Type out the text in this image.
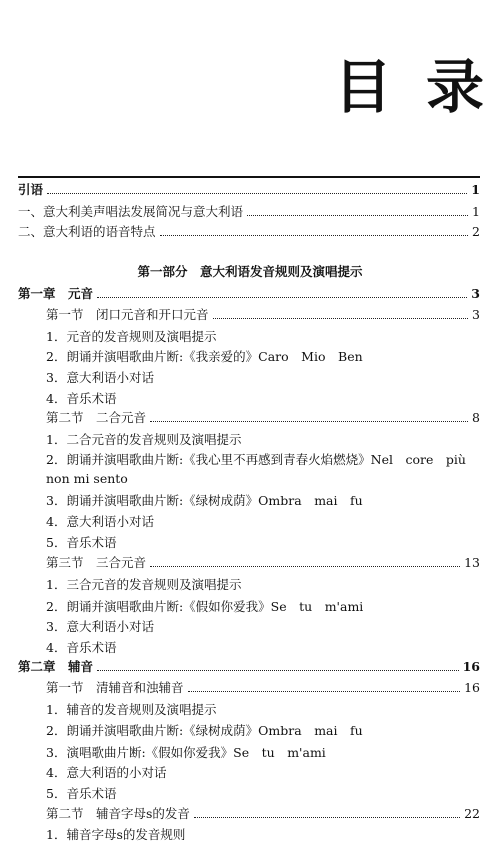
目 录
引语	1
一、意大利美声唱法发展简况与意大利语	1
二、意大利语的语音特点	2
第一部分　意大利语发音规则及演唱提示
第一章　元音	3
第一节　闭口元音和开口元音	3
1．元音的发音规则及演唱提示
2．朗诵并演唱歌曲片断:《我亲爱的》Caro　Mio　Ben
3．意大利语小对话
4．音乐术语
第二节　二合元音	8
1．二合元音的发音规则及演唱提示
2．朗诵并演唱歌曲片断:《我心里不再感到青春火焰燃烧》Nel　core　più
non mi sento
3．朗诵并演唱歌曲片断:《绿树成荫》Ombra　mai　fu
4．意大利语小对话
5．音乐术语
第三节　三合元音	13
1．三合元音的发音规则及演唱提示
2．朗诵并演唱歌曲片断:《假如你爱我》Se　tu　m'ami
3．意大利语小对话
4．音乐术语
第二章　辅音	16
第一节　清辅音和浊辅音	16
1．辅音的发音规则及演唱提示
2．朗诵并演唱歌曲片断:《绿树成荫》Ombra　mai　fu
3．演唱歌曲片断:《假如你爱我》Se　tu　m'ami
4．意大利语的小对话
5．音乐术语
第二节　辅音字母s的发音	22
1．辅音字母s的发音规则
